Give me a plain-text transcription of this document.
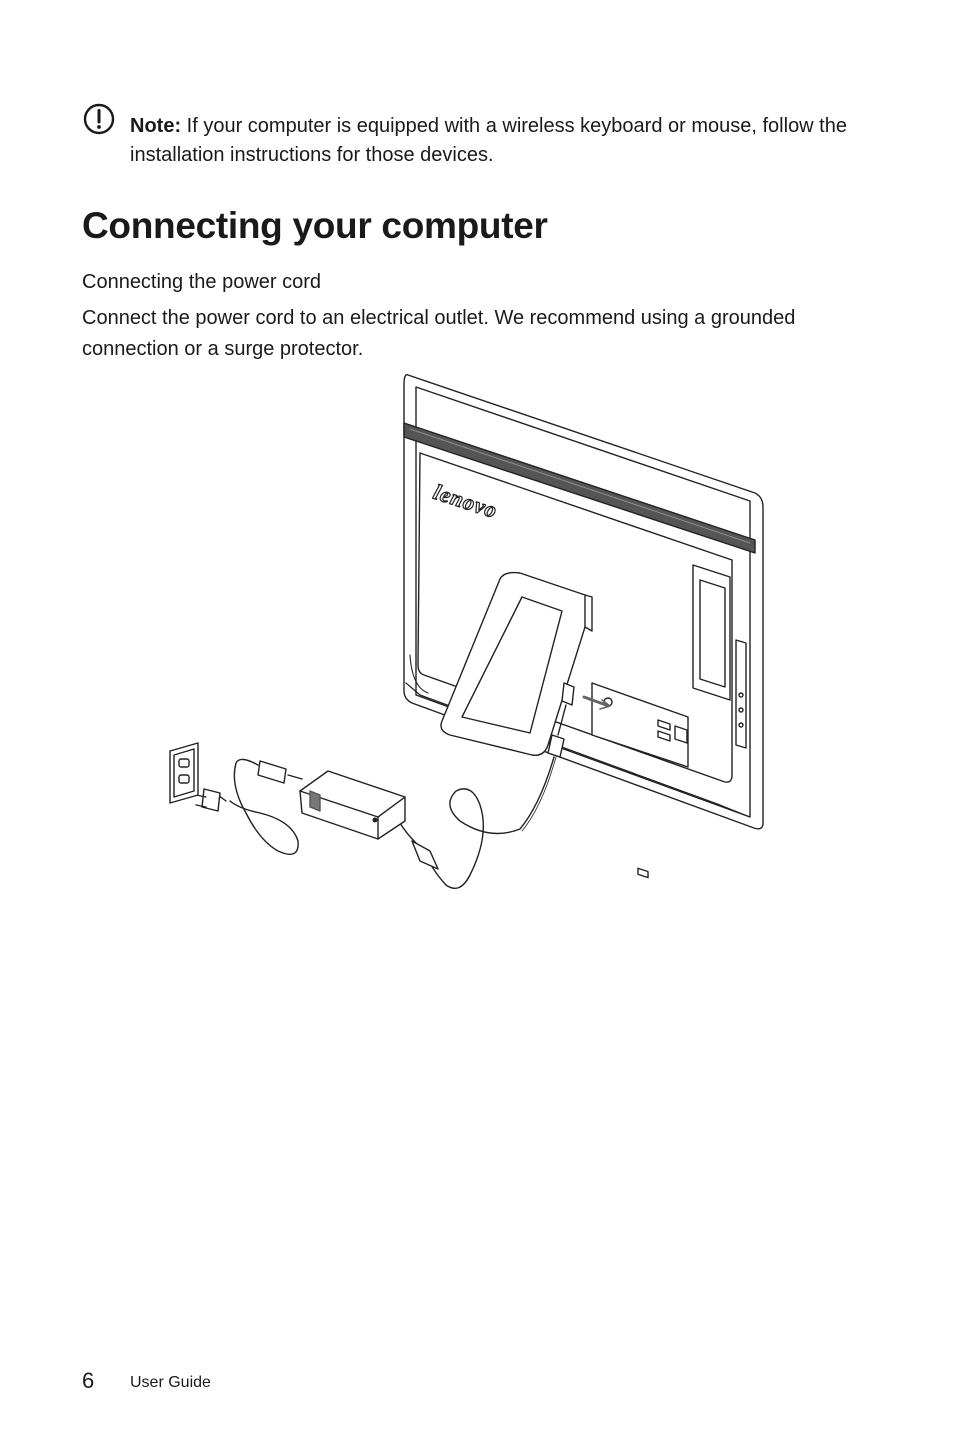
Note: If your computer is equipped with a wireless keyboard or mouse, follow the installation instructions for those devices.
Connecting your computer
Connecting the power cord
Connect the power cord to an electrical outlet. We recommend using a grounded connection or a surge protector.
lenovo
6 User Guide
